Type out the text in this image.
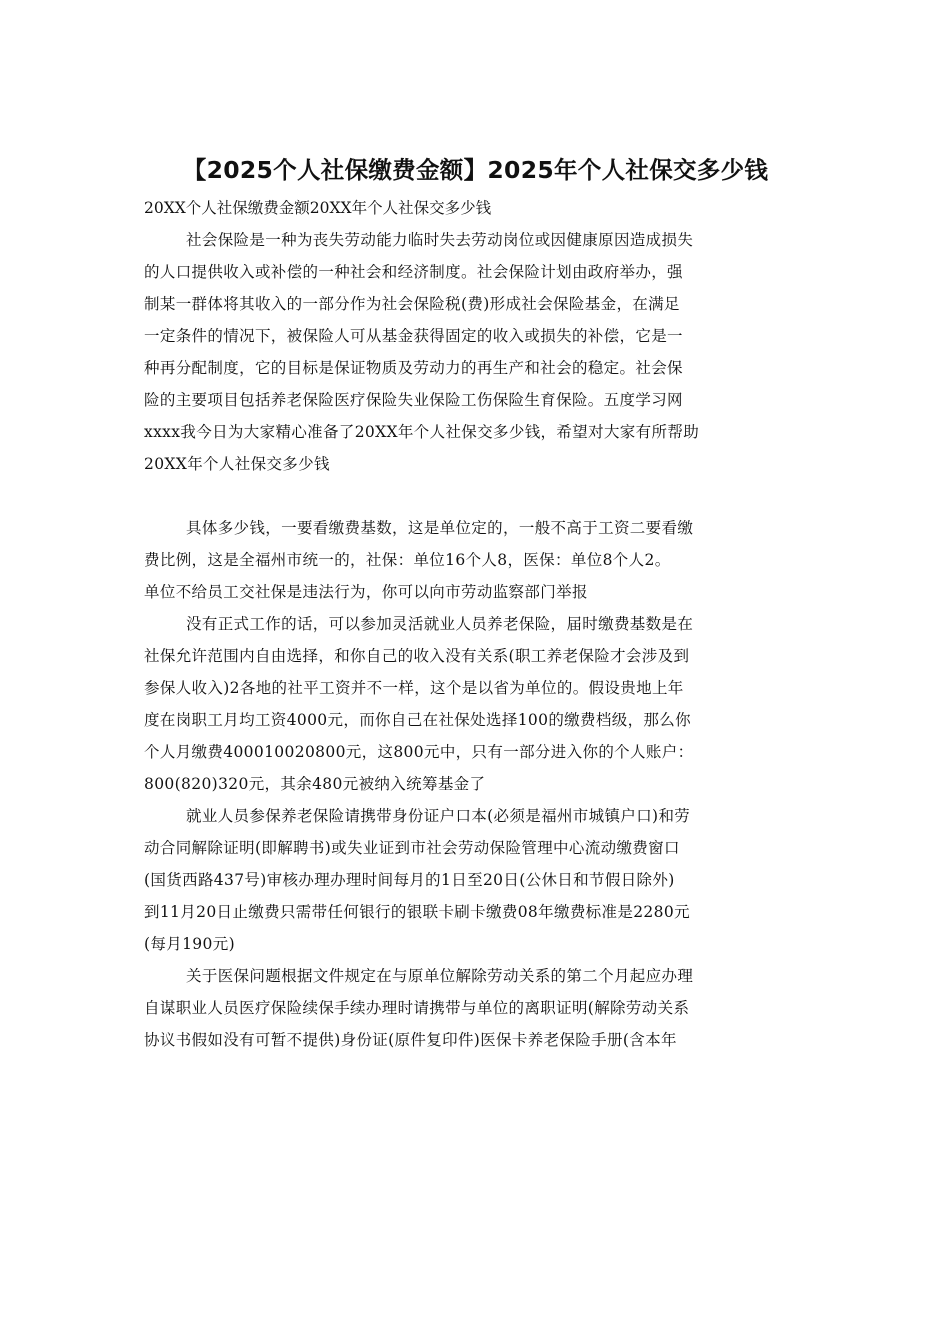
【2025个人社保缴费金额】2025年个人社保交多少钱

20XX个人社保缴费金额20XX年个人社保交多少钱

社会保险是一种为丧失劳动能力临时失去劳动岗位或因健康原因造成损失
的人口提供收入或补偿的一种社会和经济制度。社会保险计划由政府举办，强
制某一群体将其收入的一部分作为社会保险税(费)形成社会保险基金，在满足
一定条件的情况下，被保险人可从基金获得固定的收入或损失的补偿，它是一
种再分配制度，它的目标是保证物质及劳动力的再生产和社会的稳定。社会保
险的主要项目包括养老保险医疗保险失业保险工伤保险生育保险。五度学习网
xxxx我今日为大家精心准备了20XX年个人社保交多少钱，希望对大家有所帮助
20XX年个人社保交多少钱

具体多少钱，一要看缴费基数，这是单位定的，一般不高于工资二要看缴
费比例，这是全福州市统一的，社保：单位16个人8，医保：单位8个人2。
单位不给员工交社保是违法行为，你可以向市劳动监察部门举报

没有正式工作的话，可以参加灵活就业人员养老保险，届时缴费基数是在
社保允许范围内自由选择，和你自己的收入没有关系(职工养老保险才会涉及到
参保人收入)2各地的社平工资并不一样，这个是以省为单位的。假设贵地上年
度在岗职工月均工资4000元，而你自己在社保处选择100的缴费档级，那么你
个人月缴费400010020800元，这800元中，只有一部分进入你的个人账户：
800(820)320元，其余480元被纳入统筹基金了

就业人员参保养老保险请携带身份证户口本(必须是福州市城镇户口)和劳
动合同解除证明(即解聘书)或失业证到市社会劳动保险管理中心流动缴费窗口
(国货西路437号)审核办理办理时间每月的1日至20日(公休日和节假日除外)
到11月20日止缴费只需带任何银行的银联卡刷卡缴费08年缴费标准是2280元
(每月190元)

关于医保问题根据文件规定在与原单位解除劳动关系的第二个月起应办理
自谋职业人员医疗保险续保手续办理时请携带与单位的离职证明(解除劳动关系
协议书假如没有可暂不提供)身份证(原件复印件)医保卡养老保险手册(含本年
